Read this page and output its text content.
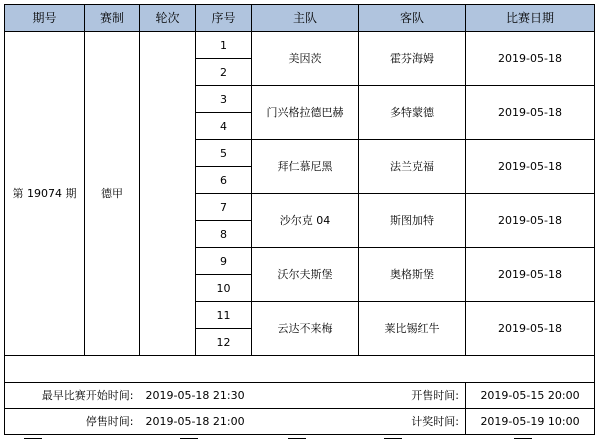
期号	赛制	轮次	序号	主队	客队	比赛日期
第 19074 期	德甲		1	美因茨	霍芬海姆	2019-05-18
			2			
			3	门兴格拉德巴赫	多特蒙德	2019-05-18
			4			
			5	拜仁慕尼黑	法兰克福	2019-05-18
			6			
			7	沙尔克 04	斯图加特	2019-05-18
			8			
			9	沃尔夫斯堡	奥格斯堡	2019-05-18
			10			
			11	云达不来梅	莱比锡红牛	2019-05-18
			12			

最早比赛开始时间:		2019-05-18 21:30			开售时间:	2019-05-15 20:00
停售时间:		2019-05-18 21:00			计奖时间:	2019-05-19 10:00
